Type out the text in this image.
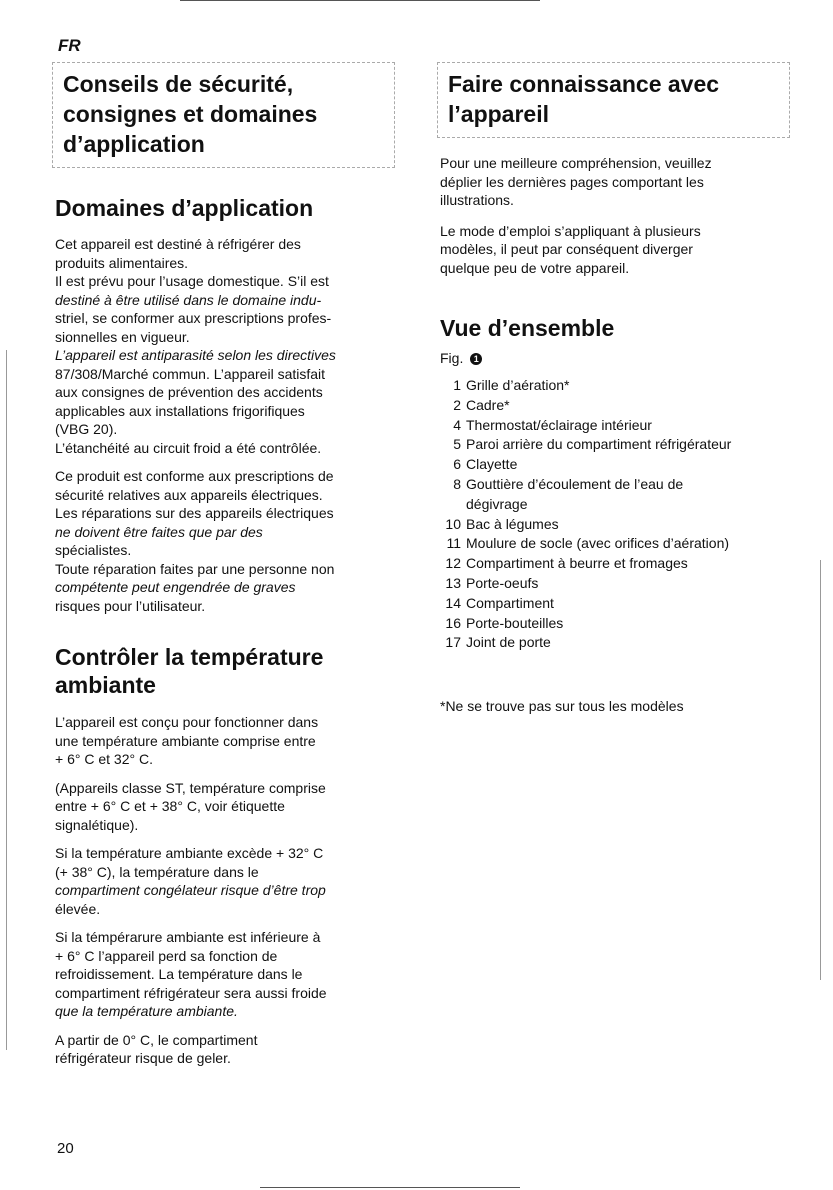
FR
Conseils de sécurité,
consignes et domaines
d’application
Domaines d’application

Cet appareil est destiné à réfrigérer des

produits alimentaires.

Il est prévu pour l’usage domestique. S’il est

destiné à être utilisé dans le domaine indu-

striel, se conformer aux prescriptions profes-

sionnelles en vigueur.

L’appareil est antiparasité selon les directives

87/308/Marché commun. L’appareil satisfait

aux consignes de prévention des accidents

applicables aux installations frigorifiques

(VBG 20).

L’étanchéité au circuit froid a été contrôlée.

Ce produit est conforme aux prescriptions de

sécurité relatives aux appareils électriques.

Les réparations sur des appareils électriques

ne doivent être faites que par des

spécialistes.

Toute réparation faites par une personne non

compétente peut engendrée de graves

risques pour l’utilisateur.

Contrôler la température
ambiante

L’appareil est conçu pour fonctionner dans

une température ambiante comprise entre

+ 6° C et 32° C.

(Appareils classe ST, température comprise

entre + 6° C et + 38° C, voir étiquette

signalétique).

Si la température ambiante excède + 32° C

(+ 38° C), la température dans le

compartiment congélateur risque d’être trop

élevée.

Si la témpérarure ambiante est inférieure à

+ 6° C l’appareil perd sa fonction de

refroidissement. La température dans le

compartiment réfrigérateur sera aussi froide

que la température ambiante.

A partir de 0° C, le compartiment

réfrigérateur risque de geler.

Faire connaissance avec
l’appareil

Pour une meilleure compréhension, veuillez

déplier les dernières pages comportant les

illustrations.

Le mode d’emploi s’appliquant à plusieurs

modèles, il peut par conséquent diverger

quelque peu de votre appareil.

Vue d’ensemble
Fig. 1
1 Grille d’aération*
2 Cadre*
4 Thermostat/éclairage intérieur
5 Paroi arrière du compartiment réfrigérateur
6 Clayette
8 Gouttière d’écoulement de l’eau de
dégivrage
10 Bac à légumes
11 Moulure de socle (avec orifices d’aération)
12 Compartiment à beurre et fromages
13 Porte-oeufs
14 Compartiment
16 Porte-bouteilles
17 Joint de porte

*Ne se trouve pas sur tous les modèles

20
